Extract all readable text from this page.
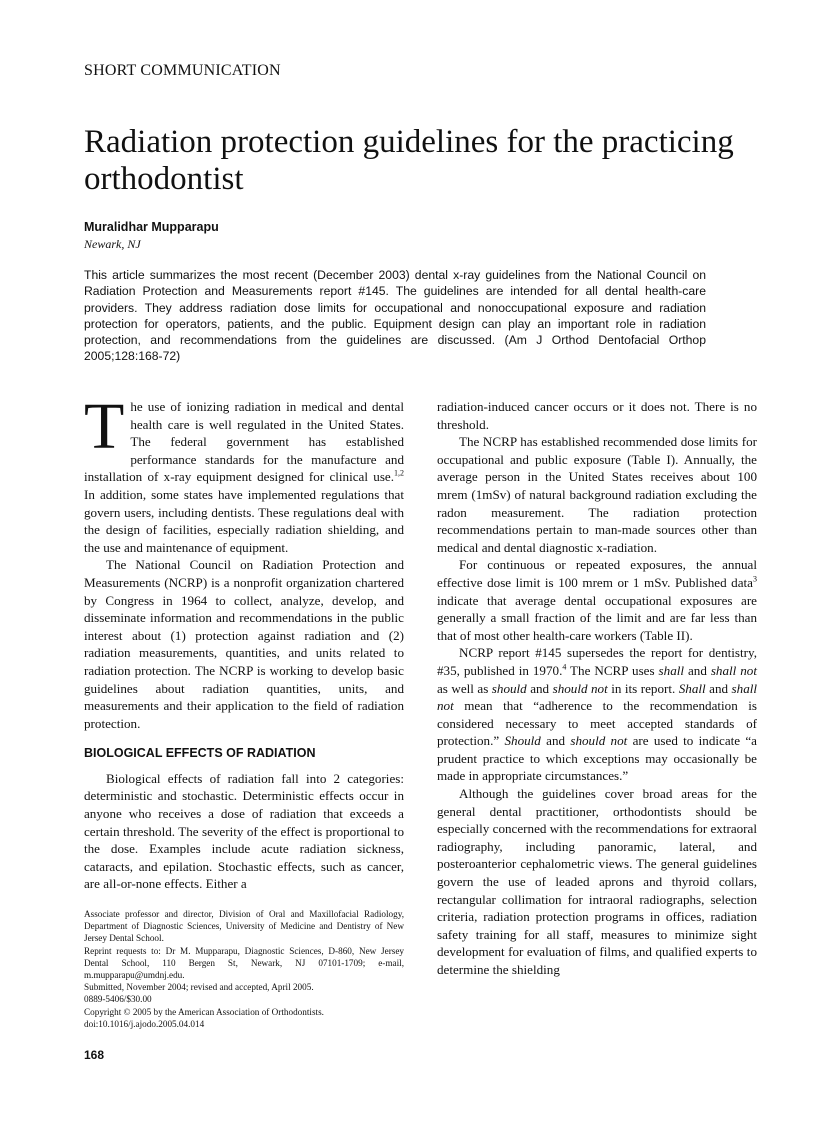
SHORT COMMUNICATION
Radiation protection guidelines for the practicing orthodontist
Muralidhar Mupparapu
Newark, NJ
This article summarizes the most recent (December 2003) dental x-ray guidelines from the National Council on Radiation Protection and Measurements report #145. The guidelines are intended for all dental health-care providers. They address radiation dose limits for occupational and nonoccupational exposure and radiation protection for operators, patients, and the public. Equipment design can play an important role in radiation protection, and recommendations from the guidelines are discussed. (Am J Orthod Dentofacial Orthop 2005;128:168-72)

The use of ionizing radiation in medical and dental health care is well regulated in the United States. The federal government has established performance standards for the manufacture and installation of x-ray equipment designed for clinical use.$^{1,2}$ In addition, some states have implemented regulations that govern users, including dentists. These regulations deal with the design of facilities, especially radiation shielding, and the use and maintenance of equipment.

The National Council on Radiation Protection and Measurements (NCRP) is a nonprofit organization chartered by Congress in 1964 to collect, analyze, develop, and disseminate information and recommendations in the public interest about (1) protection against radiation and (2) radiation measurements, quantities, and units related to radiation protection. The NCRP is working to develop basic guidelines about radiation quantities, units, and measurements and their application to the field of radiation protection.

BIOLOGICAL EFFECTS OF RADIATION

Biological effects of radiation fall into 2 categories: deterministic and stochastic. Deterministic effects occur in anyone who receives a dose of radiation that exceeds a certain threshold. The severity of the effect is proportional to the dose. Examples include acute radiation sickness, cataracts, and epilation. Stochastic effects, such as cancer, are all-or-none effects. Either a

radiation-induced cancer occurs or it does not. There is no threshold.

The NCRP has established recommended dose limits for occupational and public exposure (Table I). Annually, the average person in the United States receives about 100 mrem (1mSv) of natural background radiation excluding the radon measurement. The radiation protection recommendations pertain to man-made sources other than medical and dental diagnostic x-radiation.

For continuous or repeated exposures, the annual effective dose limit is 100 mrem or 1 mSv. Published data$^3$ indicate that average dental occupational exposures are generally a small fraction of the limit and are far less than that of most other health-care workers (Table II).

NCRP report #145 supersedes the report for dentistry, #35, published in 1970.$^4$ The NCRP uses shall and shall not as well as should and should not in its report. Shall and shall not mean that “adherence to the recommendation is considered necessary to meet accepted standards of protection.” Should and should not are used to indicate “a prudent practice to which exceptions may occasionally be made in appropriate circumstances.”

Although the guidelines cover broad areas for the general dental practitioner, orthodontists should be especially concerned with the recommendations for extraoral radiography, including panoramic, lateral, and posteroanterior cephalometric views. The general guidelines govern the use of leaded aprons and thyroid collars, rectangular collimation for intraoral radiographs, selection criteria, radiation protection programs in offices, radiation safety training for all staff, measures to minimize sight development for evaluation of films, and qualified experts to determine the shielding

Associate professor and director, Division of Oral and Maxillofacial Radiology, Department of Diagnostic Sciences, University of Medicine and Dentistry of New Jersey Dental School.

Reprint requests to: Dr M. Mupparapu, Diagnostic Sciences, D-860, New Jersey Dental School, 110 Bergen St, Newark, NJ 07101-1709; e-mail, m.mupparapu@umdnj.edu.

Submitted, November 2004; revised and accepted, April 2005.

0889-5406/$30.00

Copyright © 2005 by the American Association of Orthodontists.

doi:10.1016/j.ajodo.2005.04.014

168
